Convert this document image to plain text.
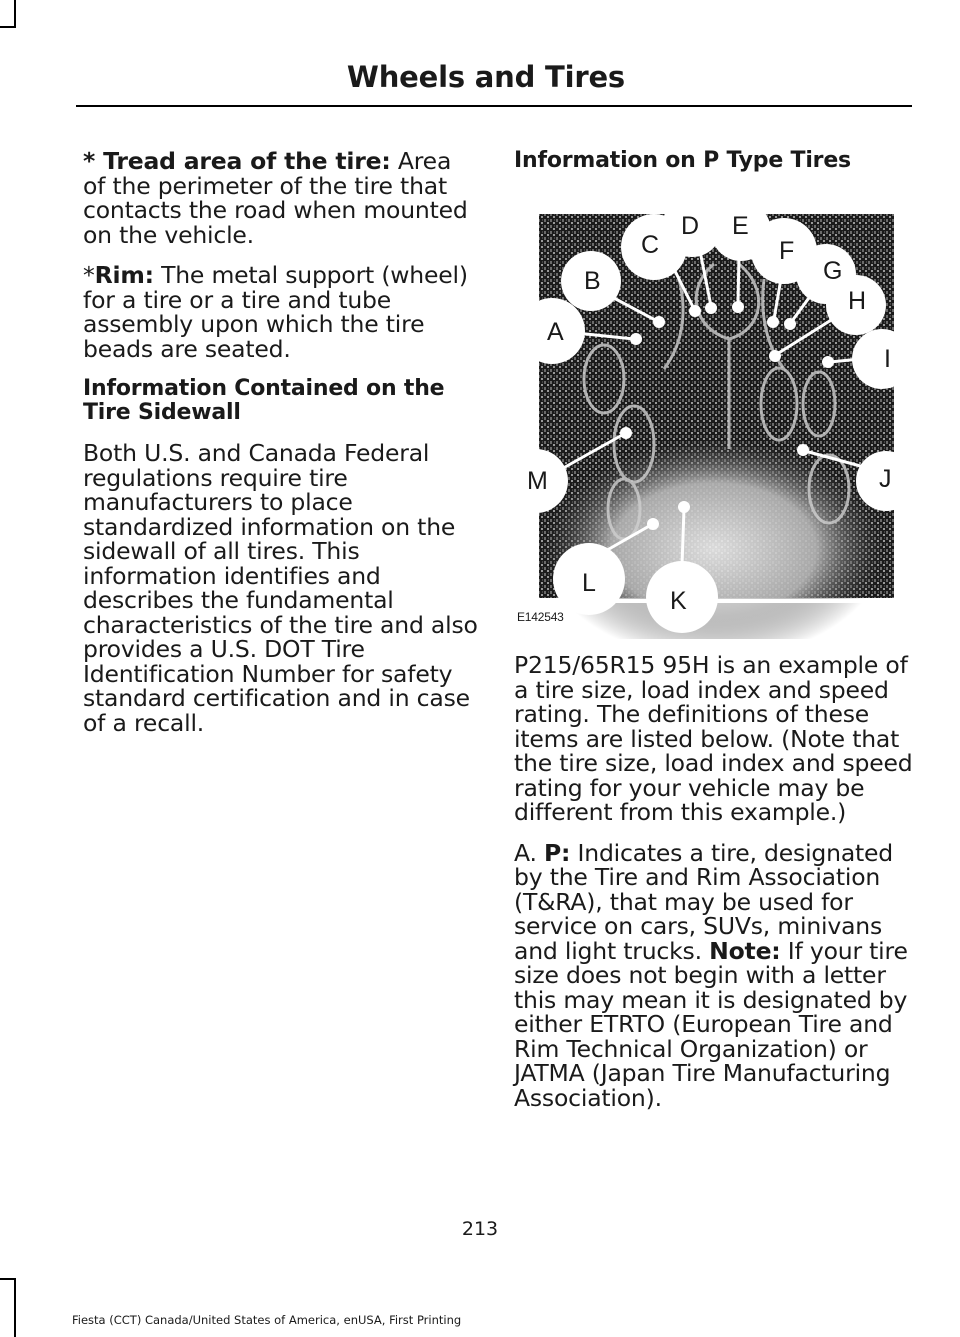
Wheels and Tires

* Tread area of the tire: Area of the perimeter of the tire that contacts the road when mounted on the vehicle.

*Rim: The metal support (wheel) for a tire or a tire and tube assembly upon which the tire beads are seated.

Information Contained on the Tire Sidewall

Both U.S. and Canada Federal regulations require tire manufacturers to place standardized information on the sidewall of all tires. This information identifies and describes the fundamental characteristics of the tire and also provides a U.S. DOT Tire Identification Number for safety standard certification and in case of a recall.

Information on P Type Tires
A
B
C
D E
F
G
H
I
J
K
L
M
E142543

P215/65R15 95H is an example of a tire size, load index and speed rating. The definitions of these items are listed below. (Note that the tire size, load index and speed rating for your vehicle may be different from this example.)

A. P: Indicates a tire, designated by the Tire and Rim Association (T&RA), that may be used for service on cars, SUVs, minivans and light trucks. Note: If your tire size does not begin with a letter this may mean it is designated by either ETRTO (European Tire and Rim Technical Organization) or JATMA (Japan Tire Manufacturing Association).

213
Fiesta (CCT) Canada/United States of America, enUSA, First Printing
